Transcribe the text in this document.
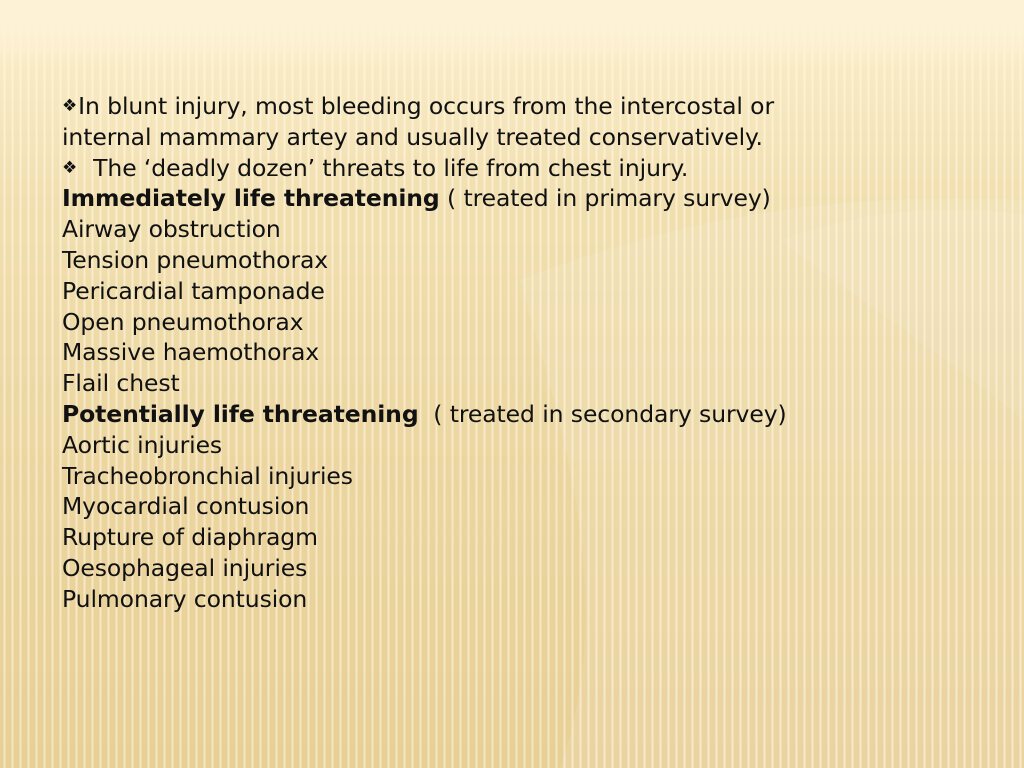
❖In blunt injury, most bleeding occurs from the intercostal or

internal mammary artey and usually treated conservatively.

❖ The ‘deadly dozen’ threats to life from chest injury.

Immediately life threatening ( treated in primary survey)

Airway obstruction

Tension pneumothorax

Pericardial tamponade

Open pneumothorax

Massive haemothorax

Flail chest

Potentially life threatening  ( treated in secondary survey)

Aortic injuries

Tracheobronchial injuries

Myocardial contusion

Rupture of diaphragm

Oesophageal injuries

Pulmonary contusion
